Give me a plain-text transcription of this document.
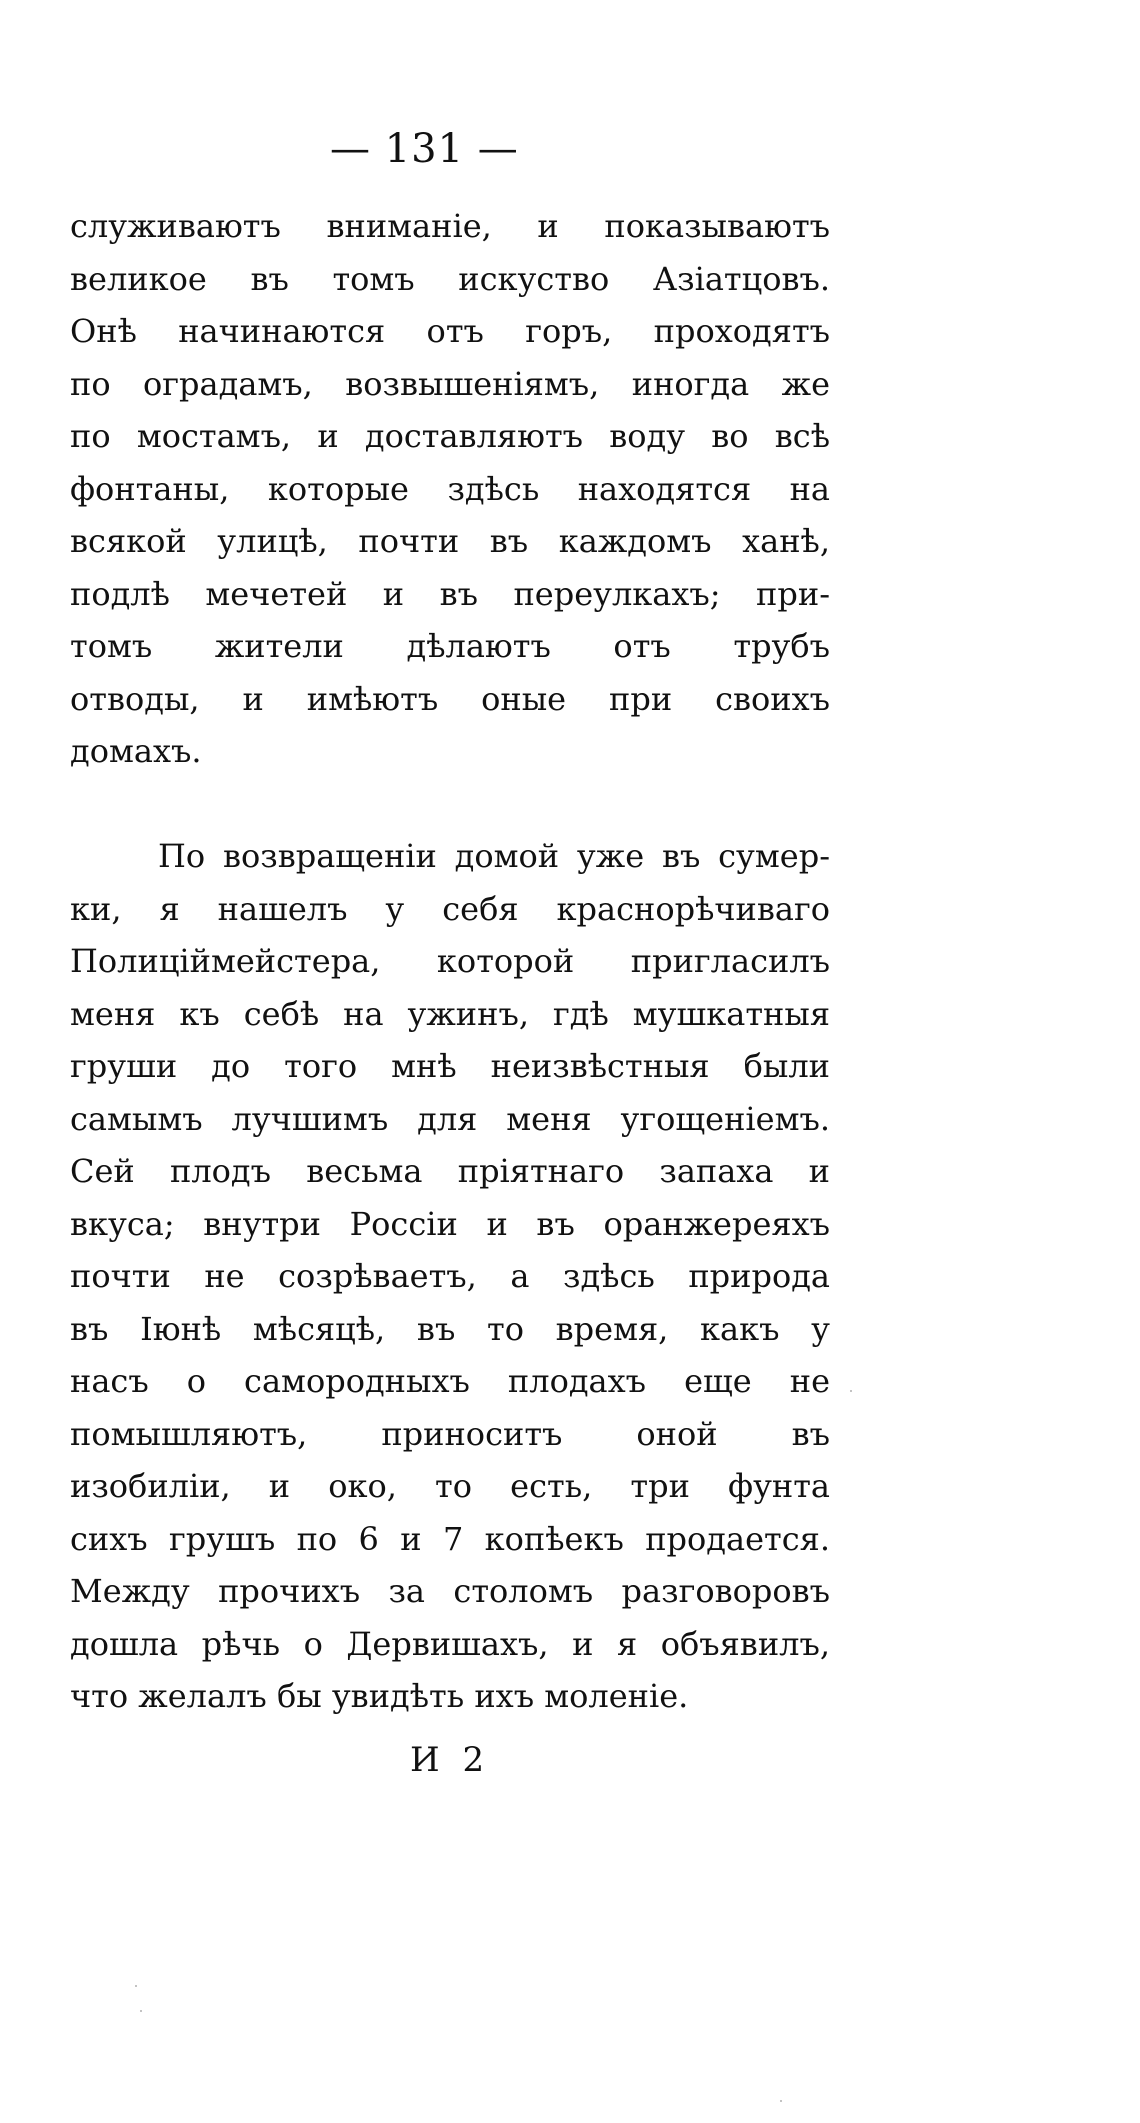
— 131 —
служиваютъ вниманіе, и показываютъ
великое въ томъ искуство Азіатцовъ.
Онѣ начинаются отъ горъ, проходятъ
по оградамъ, возвышеніямъ, иногда же
по мостамъ, и доставляютъ воду во всѣ
фонтаны, которые здѣсь находятся на
всякой улицѣ, почти въ каждомъ ханѣ,
подлѣ мечетей и въ переулкахъ; при-
томъ жители дѣлаютъ отъ трубъ
отводы, и имѣютъ оные при своихъ
домахъ.
По возвращеніи домой уже въ сумер-
ки, я нашелъ у себя краснорѣчиваго
Полиціймейстера, которой пригласилъ
меня къ себѣ на ужинъ, гдѣ мушкатныя
груши до того мнѣ неизвѣстныя были
самымъ лучшимъ для меня угощеніемъ.
Сей плодъ весьма пріятнаго запаха и
вкуса; внутри Россіи и въ оранжереяхъ
почти не созрѣваетъ, а здѣсь природа
въ Іюнѣ мѣсяцѣ, въ то время, какъ у
насъ о самородныхъ плодахъ еще не
помышляютъ, приноситъ оной въ
изобиліи, и око, то есть, три фунта
сихъ грушъ по 6 и 7 копѣекъ продается.
Между прочихъ за столомъ разговоровъ
дошла рѣчь о Дервишахъ, и я объявилъ,
что желалъ бы увидѣть ихъ моленіе.
И 2
